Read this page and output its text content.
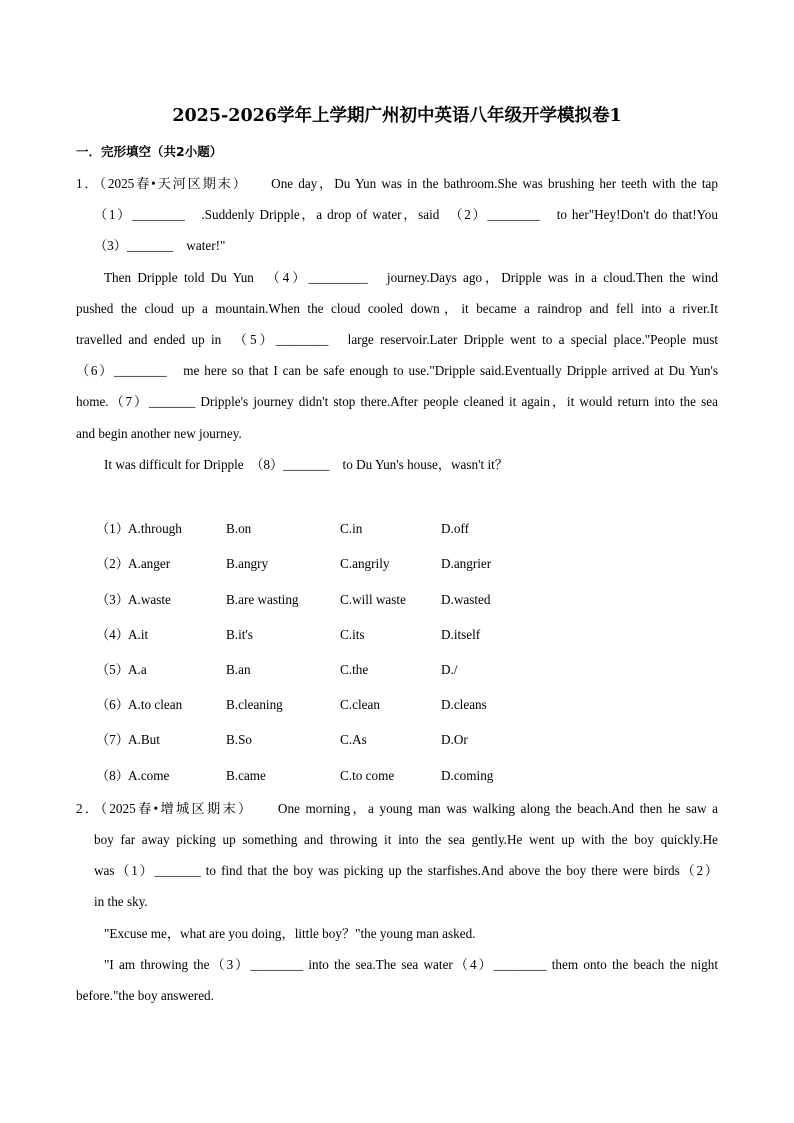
2025-2026学年上学期广州初中英语八年级开学模拟卷1
一．完形填空（共2小题）
1．（2025春•天河区期末）　　One day，Du Yun was in the bathroom.She was brushing her teeth with the tap
（1）________　.Suddenly Dripple，a drop of water，said　（2）________　to her"Hey!Don't do that!You
（3）_______　water!"
Then Dripple told Du Yun　（4）_________　journey.Days ago，Dripple was in a cloud.Then the wind
pushed the cloud up a mountain.When the cloud cooled down，it became a raindrop and fell into a river.It
travelled and ended up in　（5）________　large reservoir.Later Dripple went to a special place."People must
（6）________　me here so that I can be safe enough to use."Dripple said.Eventually Dripple arrived at Du Yun's
home.（7）_______ Dripple's journey didn't stop there.After people cleaned it again，it would return into the sea
and begin another new journey.
It was difficult for Dripple　（8）_______　to Du Yun's house，wasn't it？
（1） A.through	B.on	C.in	D.off
（2） A.anger	B.angry	C.angrily	D.angrier
（3） A.waste	B.are wasting	C.will waste	D.wasted
（4） A.it	B.it's	C.its	D.itself
（5） A.a	B.an	C.the	D./
（6） A.to clean	B.cleaning	C.clean	D.cleans
（7） A.But	B.So	C.As	D.Or
（8） A.come	B.came	C.to come	D.coming
2．（2025春•增城区期末）　　One morning，a young man was walking along the beach.And then he saw a
boy far away picking up something and throwing it into the sea gently.He went up with the boy quickly.He
was（1）_______ to find that the boy was picking up the starfishes.And above the boy there were birds（2）
in the sky.
"Excuse me，what are you doing，little boy？"the young man asked.
"I am throwing the（3）________ into the sea.The sea water（4）________ them onto the beach the night
before."the boy answered.
